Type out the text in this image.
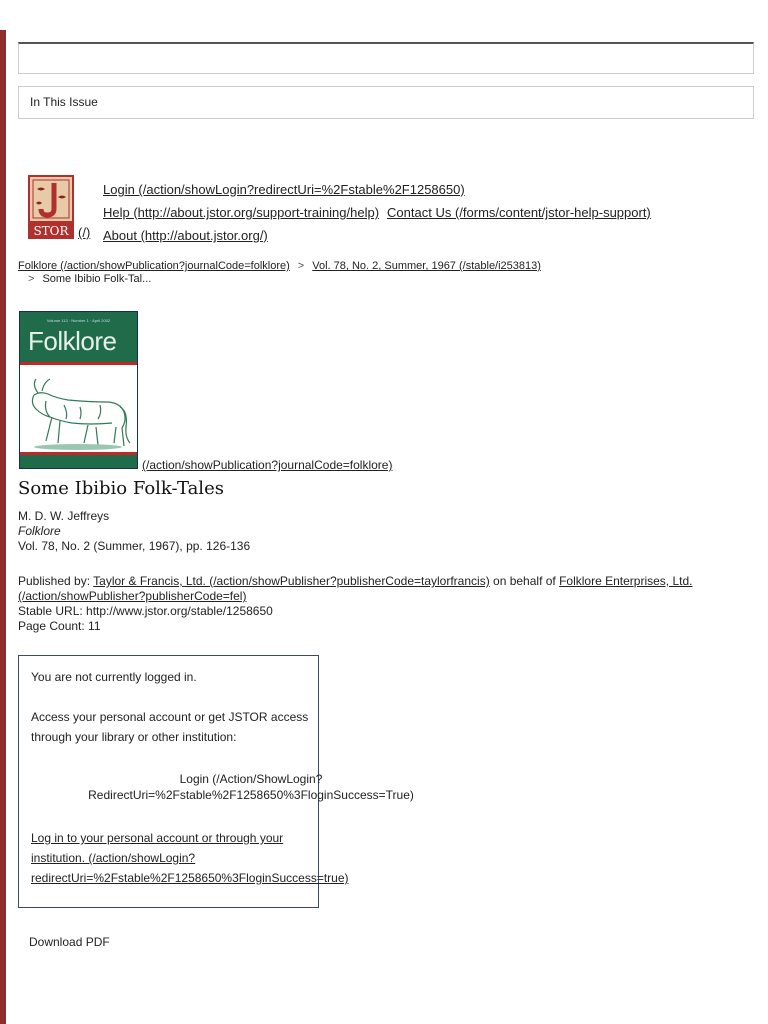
In This Issue
STOR (/)
Login (/action/showLogin?redirectUri=%2Fstable%2F1258650)
Help (http://about.jstor.org/support-training/help) Contact Us (/forms/content/jstor-help-support)
About (http://about.jstor.org/)
Folklore (/action/showPublication?journalCode=folklore) > Vol. 78, No. 2, Summer, 1967 (/stable/i253813)
> Some Ibibio Folk-Tal...
Volume 113 · Number 1 · April 2002
Folklore
(/action/showPublication?journalCode=folklore)
Some Ibibio Folk-Tales
M. D. W. Jeffreys
Folklore
Vol. 78, No. 2 (Summer, 1967), pp. 126-136
Published by: Taylor & Francis, Ltd. (/action/showPublisher?publisherCode=taylorfrancis) on behalf of Folklore Enterprises, Ltd. (/action/showPublisher?publisherCode=fel)
Stable URL: http://www.jstor.org/stable/1258650
Page Count: 11
You are not currently logged in.
Access your personal account or get JSTOR access through your library or other institution:
Login (/Action/ShowLogin?
RedirectUri=%2Fstable%2F1258650%3FloginSuccess=True)
Log in to your personal account or through your institution. (/action/showLogin?redirectUri=%2Fstable%2F1258650%3FloginSuccess=true)
Download PDF
